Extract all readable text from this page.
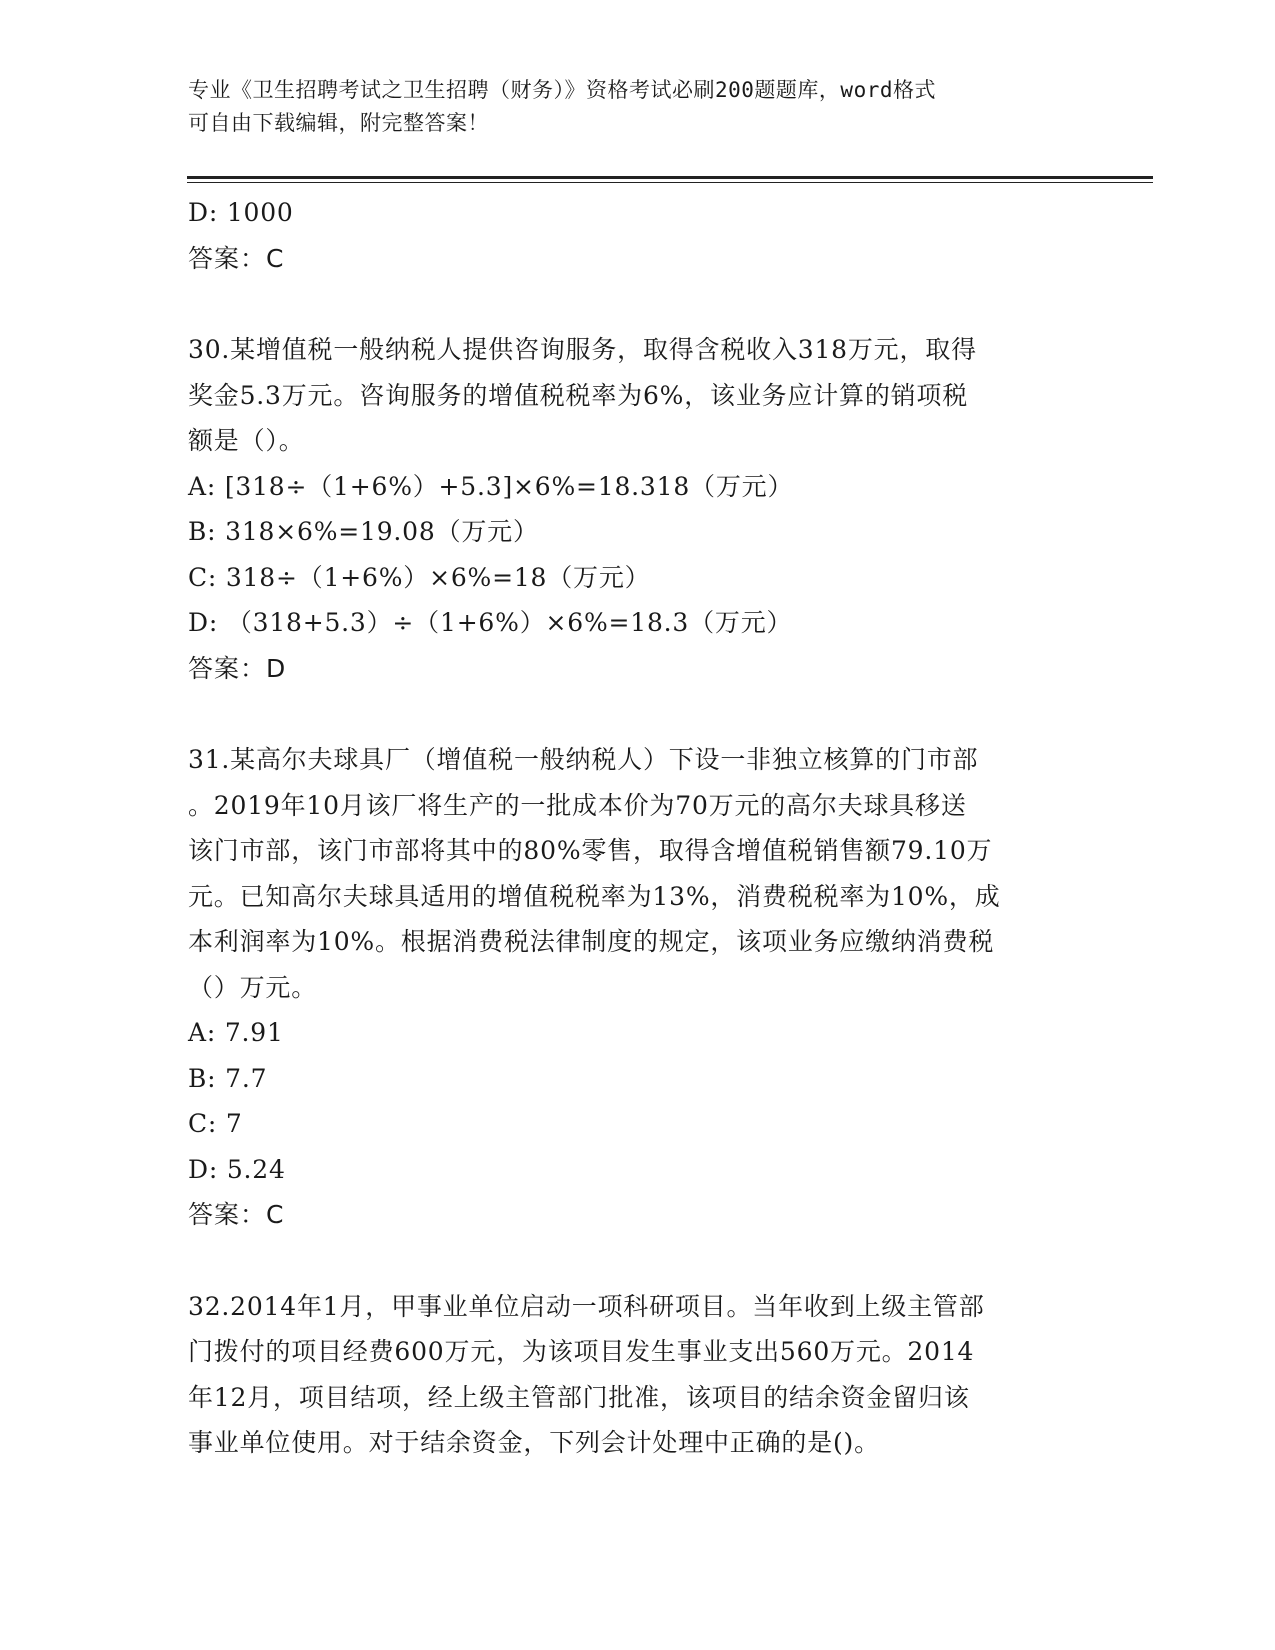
专业《卫生招聘考试之卫生招聘（财务）》资格考试必刷200题题库，word格式
可自由下载编辑，附完整答案！
D: 1000
答案：C
30.某增值税一般纳税人提供咨询服务，取得含税收入318万元，取得
奖金5.3万元。咨询服务的增值税税率为6%，该业务应计算的销项税
额是（）。
A: [318÷（1+6%）+5.3]×6%=18.318（万元）
B: 318×6%=19.08（万元）
C: 318÷（1+6%）×6%=18（万元）
D: （318+5.3）÷（1+6%）×6%=18.3（万元）
答案：D
31.某高尔夫球具厂（增值税一般纳税人）下设一非独立核算的门市部
。2019年10月该厂将生产的一批成本价为70万元的高尔夫球具移送
该门市部，该门市部将其中的80%零售，取得含增值税销售额79.10万
元。已知高尔夫球具适用的增值税税率为13%，消费税税率为10%，成
本利润率为10%。根据消费税法律制度的规定，该项业务应缴纳消费税
（）万元。
A: 7.91
B: 7.7
C: 7
D: 5.24
答案：C
32.2014年1月，甲事业单位启动一项科研项目。当年收到上级主管部
门拨付的项目经费600万元，为该项目发生事业支出560万元。2014
年12月，项目结项，经上级主管部门批准，该项目的结余资金留归该
事业单位使用。对于结余资金，下列会计处理中正确的是()。
